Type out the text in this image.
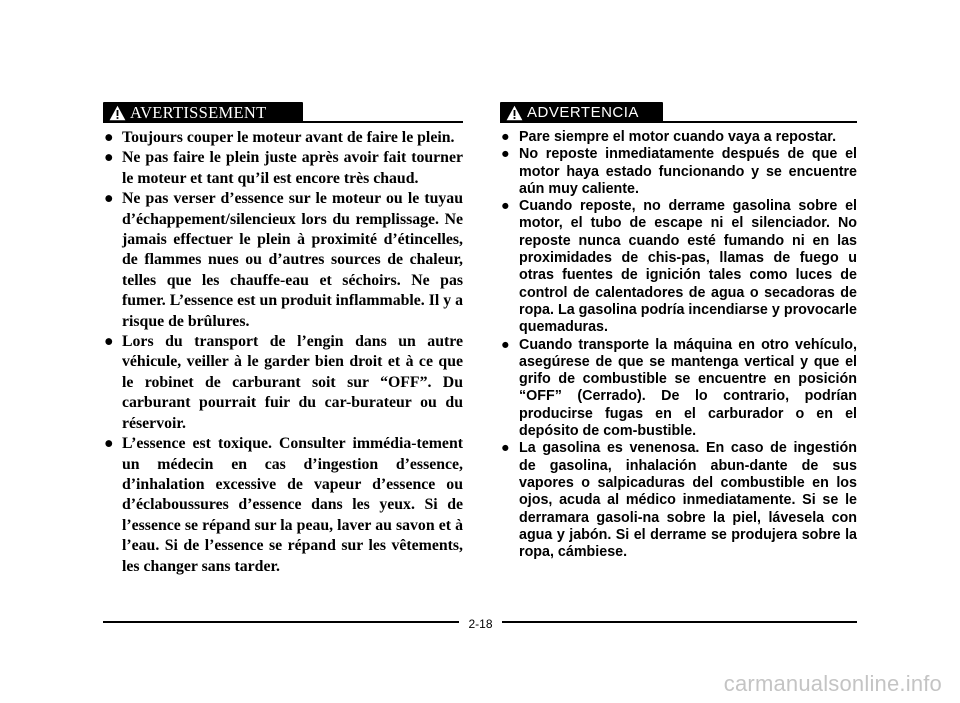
AVERTISSEMENT
● Toujours couper le moteur avant de faire le plein.
● Ne pas faire le plein juste après avoir fait tourner le moteur et tant qu’il est encore très chaud.
● Ne pas verser d’essence sur le moteur ou le tuyau d’échappement/silencieux lors du remplissage. Ne jamais effectuer le plein à proximité d’étincelles, de flammes nues ou d’autres sources de chaleur, telles que les chauffe-eau et séchoirs. Ne pas fumer. L’essence est un produit inflammable. Il y a risque de brûlures.
● Lors du transport de l’engin dans un autre véhicule, veiller à le garder bien droit et à ce que le robinet de carburant soit sur “OFF”. Du carburant pourrait fuir du car-burateur ou du réservoir.
● L’essence est toxique. Consulter immédia-tement un médecin en cas d’ingestion d’essence, d’inhalation excessive de vapeur d’essence ou d’éclaboussures d’essence dans les yeux. Si de l’essence se répand sur la peau, laver au savon et à l’eau. Si de l’essence se répand sur les vêtements, les changer sans tarder.
ADVERTENCIA
● Pare siempre el motor cuando vaya a repostar.
● No reposte inmediatamente después de que el motor haya estado funcionando y se encuentre aún muy caliente.
● Cuando reposte, no derrame gasolina sobre el motor, el tubo de escape ni el silenciador. No reposte nunca cuando esté fumando ni en las proximidades de chis-pas, llamas de fuego u otras fuentes de ignición tales como luces de control de calentadores de agua o secadoras de ropa. La gasolina podría incendiarse y provocarle quemaduras.
● Cuando transporte la máquina en otro vehículo, asegúrese de que se mantenga vertical y que el grifo de combustible se encuentre en posición “OFF” (Cerrado). De lo contrario, podrían producirse fugas en el carburador o en el depósito de com-bustible.
● La gasolina es venenosa. En caso de ingestión de gasolina, inhalación abun-dante de sus vapores o salpicaduras del combustible en los ojos, acuda al médico inmediatamente. Si se le derramara gasoli-na sobre la piel, lávesela con agua y jabón. Si el derrame se produjera sobre la ropa, cámbiese.
2-18
carmanualsonline.info
